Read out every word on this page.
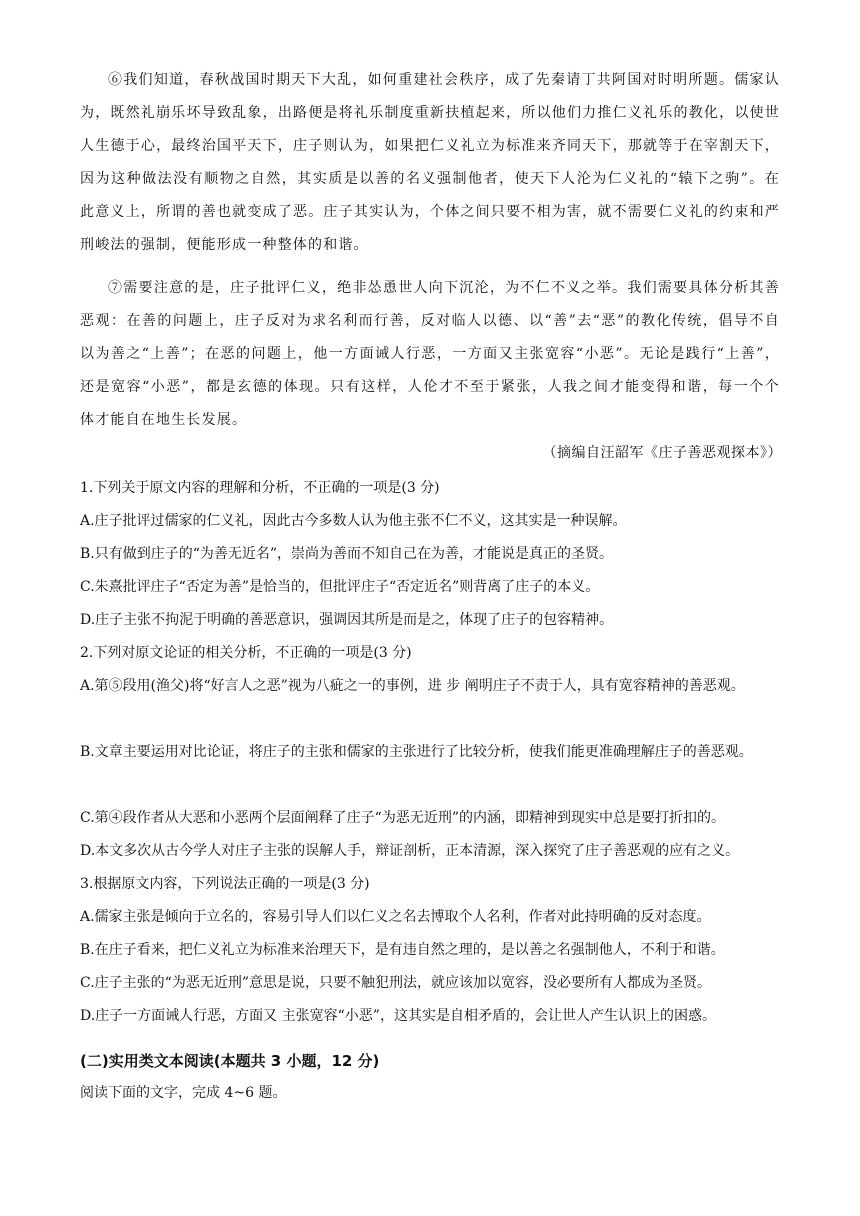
⑥我们知道，春秋战国时期天下大乱，如何重建社会秩序，成了先秦请丁共阿国对时明所题。儒家认为，既然礼崩乐坏导致乱象，出路便是将礼乐制度重新扶植起来，所以他们力推仁义礼乐的教化，以使世人生德于心，最终治国平天下，庄子则认为，如果把仁义礼立为标准来齐同天下，那就等于在宰割天下，因为这种做法没有顺物之自然，其实质是以善的名义强制他者，使天下人沦为仁义礼的“辕下之驹”。在此意义上，所谓的善也就变成了恶。庄子其实认为，个体之间只要不相为害，就不需要仁义礼的约束和严刑峻法的强制，便能形成一种整体的和谐。

⑦需要注意的是，庄子批评仁义，绝非怂恿世人向下沉沦，为不仁不义之举。我们需要具体分析其善恶观：在善的问题上，庄子反对为求名利而行善，反对临人以德、以“善”去“恶”的教化传统，倡导不自以为善之“上善”；在恶的问题上，他一方面诫人行恶，一方面又主张宽容“小恶”。无论是践行“上善”，还是宽容“小恶”，都是玄德的体现。只有这样，人伦才不至于紧张，人我之间才能变得和谐，每一个个体才能自在地生长发展。

（摘编自汪韶军《庄子善恶观探本》）

1.下列关于原文内容的理解和分析，不正确的一项是(3 分)

A.庄子批评过儒家的仁义礼，因此古今多数人认为他主张不仁不义，这其实是一种误解。

B.只有做到庄子的“为善无近名”，崇尚为善而不知自己在为善，才能说是真正的圣贤。

C.朱熹批评庄子“否定为善”是恰当的，但批评庄子“否定近名”则背离了庄子的本义。

D.庄子主张不拘泥于明确的善恶意识，强调因其所是而是之，体现了庄子的包容精神。

2.下列对原文论证的相关分析，不正确的一项是(3 分)

A.第⑤段用(渔父)将“好言人之恶”视为八疵之一的事例，进 步 阐明庄子不责于人，具有宽容精神的善恶观。

B.文章主要运用对比论证，将庄子的主张和儒家的主张进行了比较分析，使我们能更准确理解庄子的善恶观。

C.第④段作者从大恶和小恶两个层面阐释了庄子“为恶无近刑”的内涵，即精神到现实中总是要打折扣的。

D.本文多次从古今学人对庄子主张的误解人手，辩证剖析，正本清源，深入探究了庄子善恶观的应有之义。

3.根据原文内容，下列说法正确的一项是(3 分)

A.儒家主张是倾向于立名的，容易引导人们以仁义之名去博取个人名利，作者对此持明确的反对态度。

B.在庄子看来，把仁义礼立为标准来治理天下，是有违自然之理的，是以善之名强制他人，不利于和谐。

C.庄子主张的“为恶无近刑”意思是说，只要不触犯刑法，就应该加以宽容，没必要所有人都成为圣贤。

D.庄子一方面诫人行恶，方面又 主张宽容“小恶”，这其实是自相矛盾的，会让世人产生认识上的困惑。

(二)实用类文本阅读(本题共 3 小题，12 分)

阅读下面的文字，完成 4~6 题。
